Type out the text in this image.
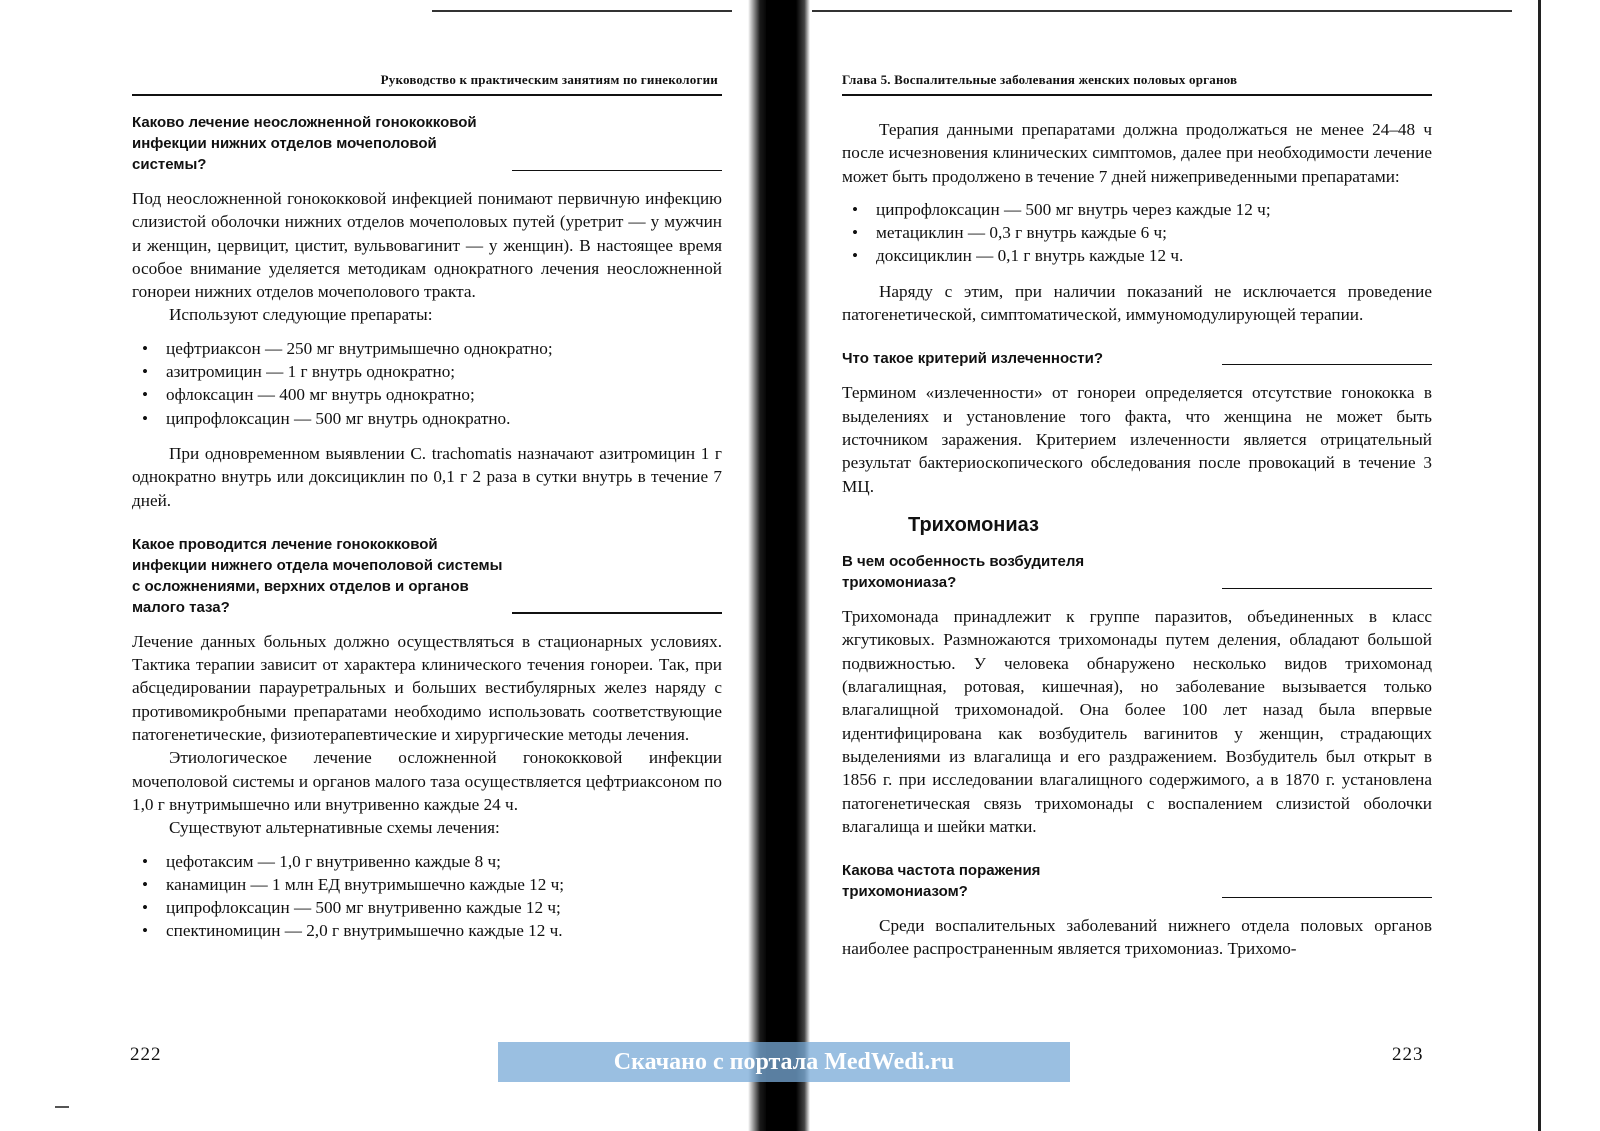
Руководство к практическим занятиям по гинекологии
Каково лечение неосложненной гонококковой инфекции нижних отделов мочеполовой системы?

Под неосложненной гонококковой инфекцией понимают первичную инфекцию слизистой оболочки нижних отделов мочеполовых путей (уретрит — у мужчин и женщин, цервицит, цистит, вульвовагинит — у женщин). В настоящее время особое внимание уделяется методикам однократного лечения неосложненной гонореи нижних отделов мочеполового тракта.

Используют следующие препараты:

• цефтриаксон — 250 мг внутримышечно однократно;
• азитромицин — 1 г внутрь однократно;
• офлоксацин — 400 мг внутрь однократно;
• ципрофлоксацин — 500 мг внутрь однократно.

При одновременном выявлении C. trachomatis назначают азитромицин 1 г однократно внутрь или доксициклин по 0,1 г 2 раза в сутки внутрь в течение 7 дней.

Какое проводится лечение гонококковой инфекции нижнего отдела мочеполовой системы с осложнениями, верхних отделов и органов малого таза?

Лечение данных больных должно осуществляться в стационарных условиях. Тактика терапии зависит от характера клинического течения гонореи. Так, при абсцедировании парауретральных и больших вестибулярных желез наряду с противомикробными препаратами необходимо использовать соответствующие патогенетические, физиотерапевтические и хирургические методы лечения.

Этиологическое лечение осложненной гонококковой инфекции мочеполовой системы и органов малого таза осуществляется цефтриаксоном по 1,0 г внутримышечно или внутривенно каждые 24 ч.

Существуют альтернативные схемы лечения:

• цефотаксим — 1,0 г внутривенно каждые 8 ч;
• канамицин — 1 млн ЕД внутримышечно каждые 12 ч;
• ципрофлоксацин — 500 мг внутривенно каждые 12 ч;
• спектиномицин — 2,0 г внутримышечно каждые 12 ч.
222
Глава 5. Воспалительные заболевания женских половых органов

Терапия данными препаратами должна продолжаться не менее 24–48 ч после исчезновения клинических симптомов, далее при необходимости лечение может быть продолжено в течение 7 дней нижеприведенными препаратами:

• ципрофлоксацин — 500 мг внутрь через каждые 12 ч;
• метациклин — 0,3 г внутрь каждые 6 ч;
• доксициклин — 0,1 г внутрь каждые 12 ч.

Наряду с этим, при наличии показаний не исключается проведение патогенетической, симптоматической, иммуномодулирующей терапии.

Что такое критерий излеченности?

Термином «излеченности» от гонореи определяется отсутствие гонококка в выделениях и установление того факта, что женщина не может быть источником заражения. Критерием излеченности является отрицательный результат бактериоскопического обследования после провокаций в течение 3 МЦ.

Трихомониаз
В чем особенность возбудителя трихомониаза?

Трихомонада принадлежит к группе паразитов, объединенных в класс жгутиковых. Размножаются трихомонады путем деления, обладают большой подвижностью. У человека обнаружено несколько видов трихомонад (влагалищная, ротовая, кишечная), но заболевание вызывается только влагалищной трихомонадой. Она более 100 лет назад была впервые идентифицирована как возбудитель вагинитов у женщин, страдающих выделениями из влагалища и его раздражением. Возбудитель был открыт в 1856 г. при исследовании влагалищного содержимого, а в 1870 г. установлена патогенетическая связь трихомонады с воспалением слизистой оболочки влагалища и шейки матки.

Какова частота поражения трихомониазом?

Среди воспалительных заболеваний нижнего отдела половых органов наиболее распространенным является трихомониаз. Трихомо-

223
Скачано с портала MedWedi.ru
